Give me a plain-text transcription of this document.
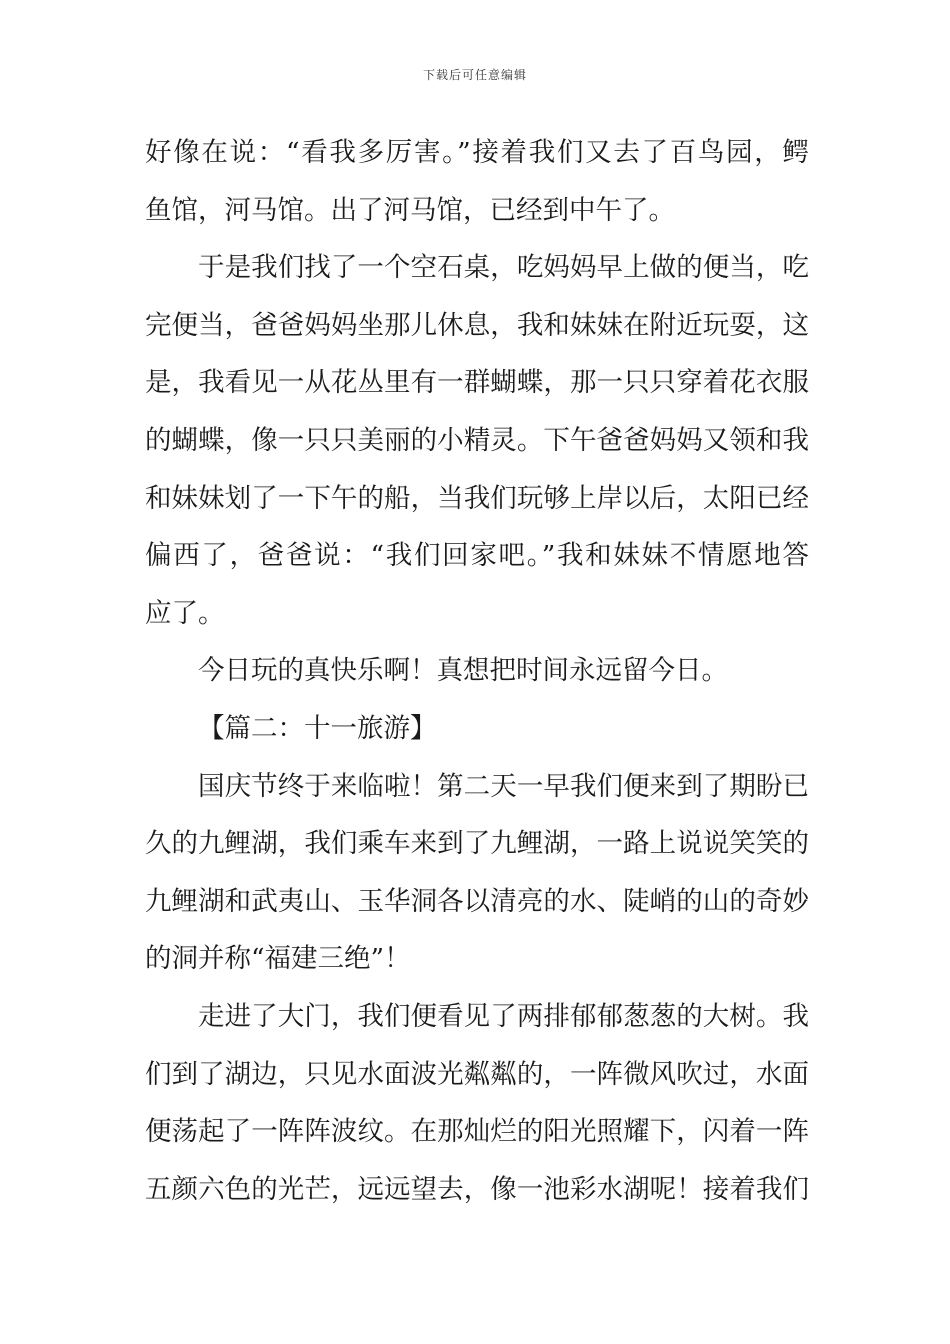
下载后可任意编辑
好像在说：“看我多厉害。”接着我们又去了百鸟园，鳄
鱼馆，河马馆。出了河马馆，已经到中午了。
于是我们找了一个空石桌，吃妈妈早上做的便当，吃
完便当，爸爸妈妈坐那儿休息，我和妹妹在附近玩耍，这
是，我看见一从花丛里有一群蝴蝶，那一只只穿着花衣服
的蝴蝶，像一只只美丽的小精灵。下午爸爸妈妈又领和我
和妹妹划了一下午的船，当我们玩够上岸以后，太阳已经
偏西了，爸爸说：“我们回家吧。”我和妹妹不情愿地答
应了。
今日玩的真快乐啊！真想把时间永远留今日。
【篇二：十一旅游】
国庆节终于来临啦！第二天一早我们便来到了期盼已
久的九鲤湖，我们乘车来到了九鲤湖，一路上说说笑笑的
九鲤湖和武夷山、玉华洞各以清亮的水、陡峭的山的奇妙
的洞并称“福建三绝”！
走进了大门，我们便看见了两排郁郁葱葱的大树。我
们到了湖边，只见水面波光粼粼的，一阵微风吹过，水面
便荡起了一阵阵波纹。在那灿烂的阳光照耀下，闪着一阵
五颜六色的光芒，远远望去，像一池彩水湖呢！接着我们
